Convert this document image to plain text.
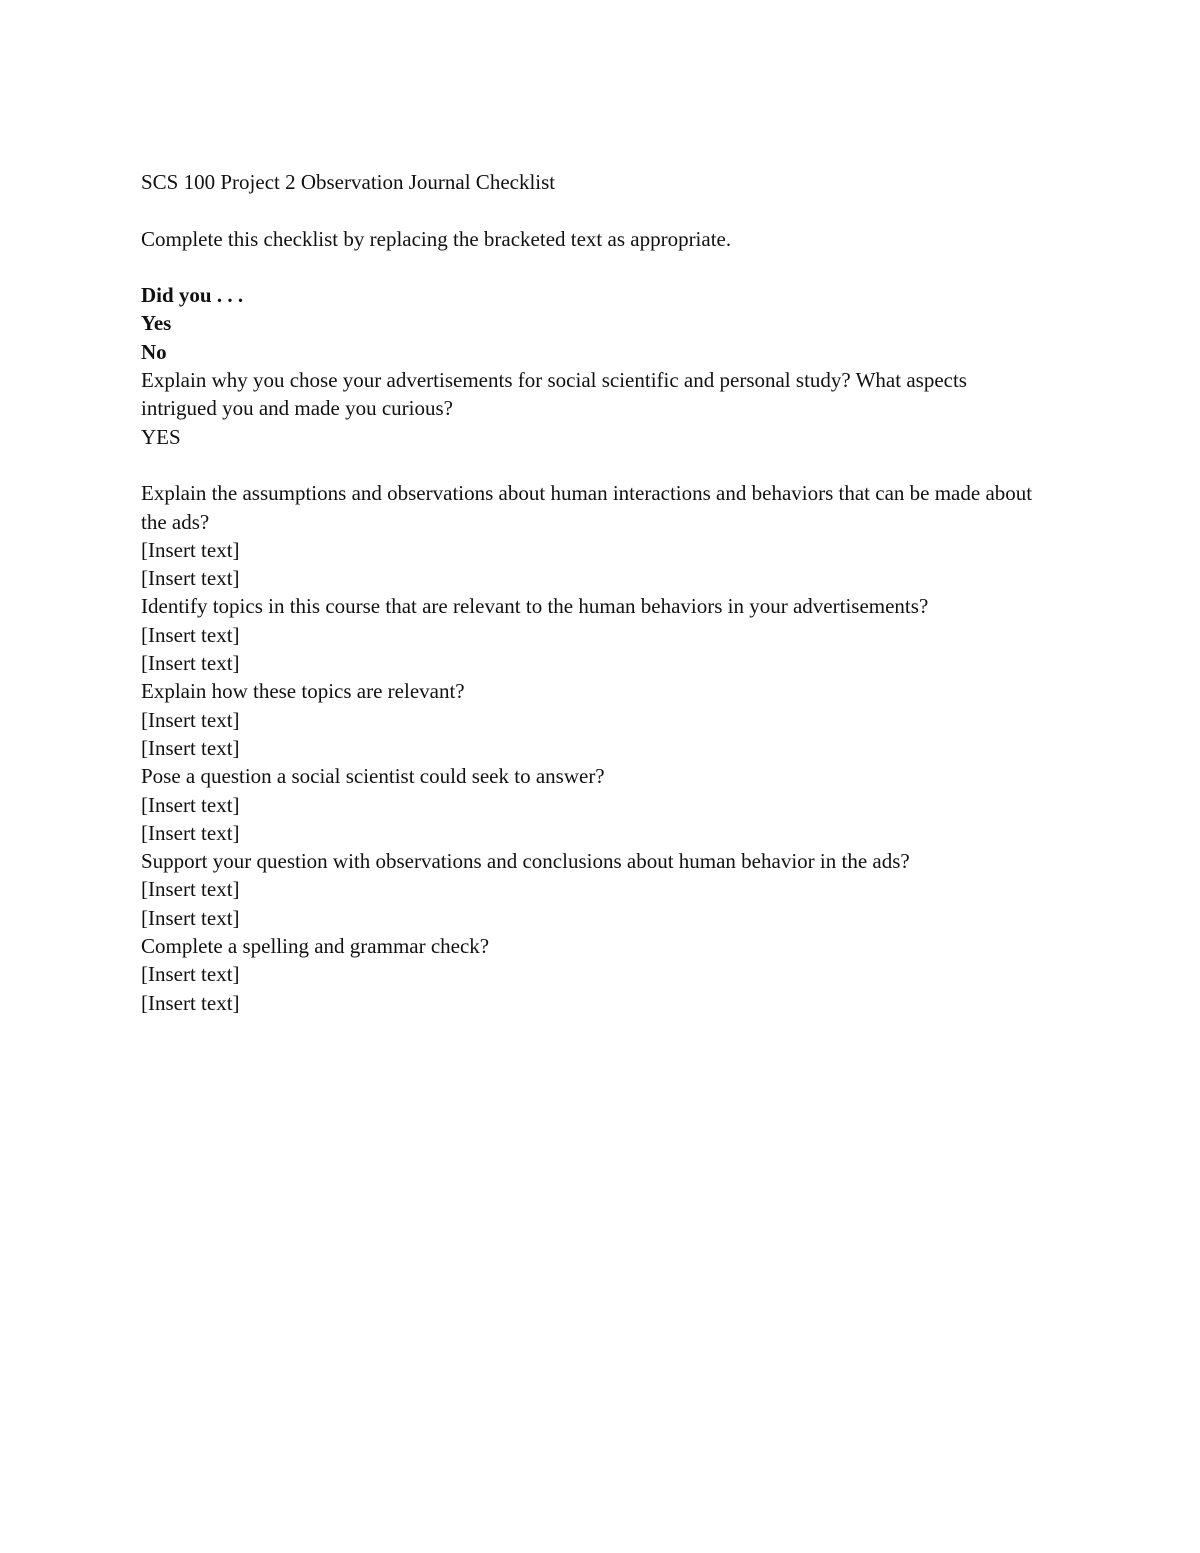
SCS 100 Project 2 Observation Journal Checklist
Complete this checklist by replacing the bracketed text as appropriate.
Did you . . .
Yes
No
Explain why you chose your advertisements for social scientific and personal study? What aspects intrigued you and made you curious?
YES
Explain the assumptions and observations about human interactions and behaviors that can be made about the ads?
[Insert text]
[Insert text]
Identify topics in this course that are relevant to the human behaviors in your advertisements?
[Insert text]
[Insert text]
Explain how these topics are relevant?
[Insert text]
[Insert text]
Pose a question a social scientist could seek to answer?
[Insert text]
[Insert text]
Support your question with observations and conclusions about human behavior in the ads?
[Insert text]
[Insert text]
Complete a spelling and grammar check?
[Insert text]
[Insert text]
